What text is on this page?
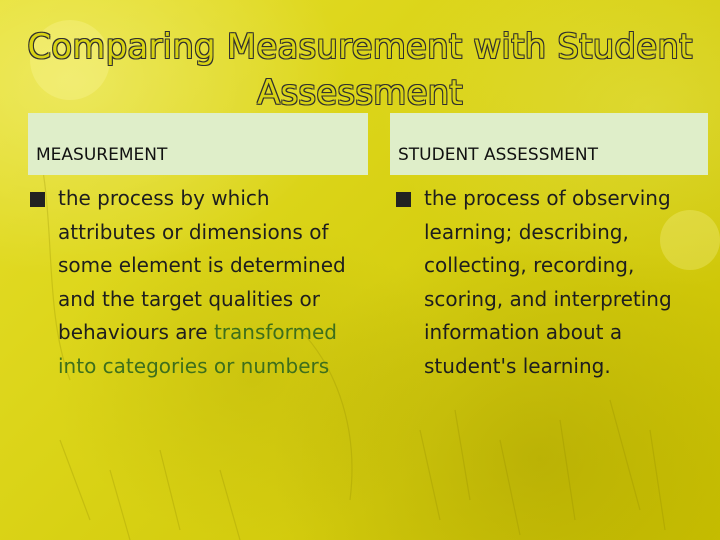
Comparing Measurement with Student Assessment
MEASUREMENT	STUDENT ASSESSMENT
the process by which attributes or dimensions of some element is determined and the target qualities or behaviours are transformed into categories or numbers
the process of observing learning; describing, collecting, recording, scoring, and interpreting information about a student's learning.
